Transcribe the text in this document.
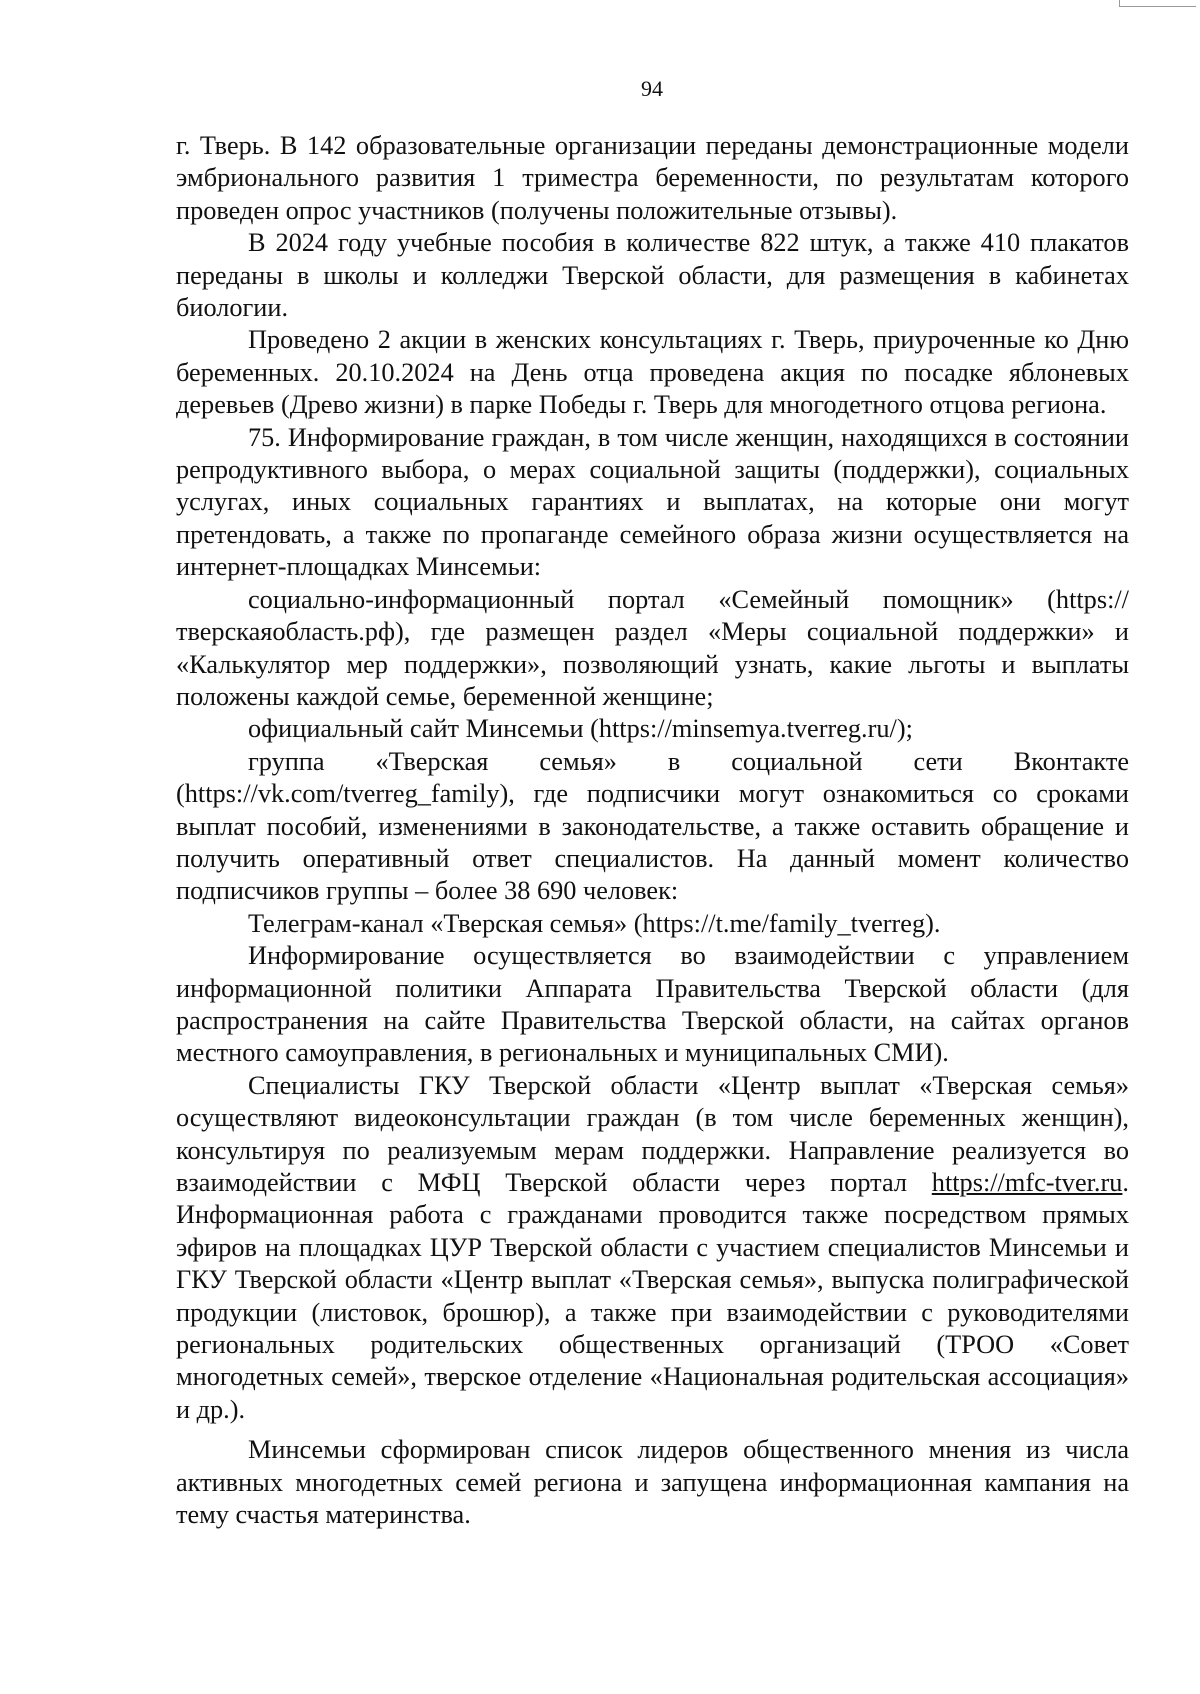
94

г. Тверь. В 142 образовательные организации переданы демонстрационные модели эмбрионального развития 1 триместра беременности, по результатам которого проведен опрос участников (получены положительные отзывы).

В 2024 году учебные пособия в количестве 822 штук, а также 410 плакатов переданы в школы и колледжи Тверской области, для размещения в кабинетах биологии.

Проведено 2 акции в женских консультациях г. Тверь, приуроченные ко Дню беременных. 20.10.2024 на День отца проведена акция по посадке яблоневых деревьев (Древо жизни) в парке Победы г. Тверь для многодетного отцова региона.

75. Информирование граждан, в том числе женщин, находящихся в состоянии репродуктивного выбора, о мерах социальной защиты (поддержки), социальных услугах, иных социальных гарантиях и выплатах, на которые они могут претендовать, а также по пропаганде семейного образа жизни осуществляется на интернет-площадках Минсемьи:

социально-информационный портал «Семейный помощник» (https://тверскаяобласть.рф), где размещен раздел «Меры социальной поддержки» и «Калькулятор мер поддержки», позволяющий узнать, какие льготы и выплаты положены каждой семье, беременной женщине;

официальный сайт Минсемьи (https://minsemya.tverreg.ru/);

группа «Тверская семья» в социальной сети Вконтакте (https://vk.com/tverreg_family), где подписчики могут ознакомиться со сроками выплат пособий, изменениями в законодательстве, а также оставить обращение и получить оперативный ответ специалистов. На данный момент количество подписчиков группы – более 38 690 человек:

Телеграм-канал «Тверская семья» (https://t.me/family_tverreg).

Информирование осуществляется во взаимодействии с управлением информационной политики Аппарата Правительства Тверской области (для распространения на сайте Правительства Тверской области, на сайтах органов местного самоуправления, в региональных и муниципальных СМИ).

Специалисты ГКУ Тверской области «Центр выплат «Тверская семья» осуществляют видеоконсультации граждан (в том числе беременных женщин), консультируя по реализуемым мерам поддержки. Направление реализуется во взаимодействии с МФЦ Тверской области через портал https://mfc-tver.ru. Информационная работа с гражданами проводится также посредством прямых эфиров на площадках ЦУР Тверской области с участием специалистов Минсемьи и ГКУ Тверской области «Центр выплат «Тверская семья», выпуска полиграфической продукции (листовок, брошюр), а также при взаимодействии с руководителями региональных родительских общественных организаций (ТРОО «Совет многодетных семей», тверское отделение «Национальная родительская ассоциация» и др.).

Минсемьи сформирован список лидеров общественного мнения из числа активных многодетных семей региона и запущена информационная кампания на тему счастья материнства.
